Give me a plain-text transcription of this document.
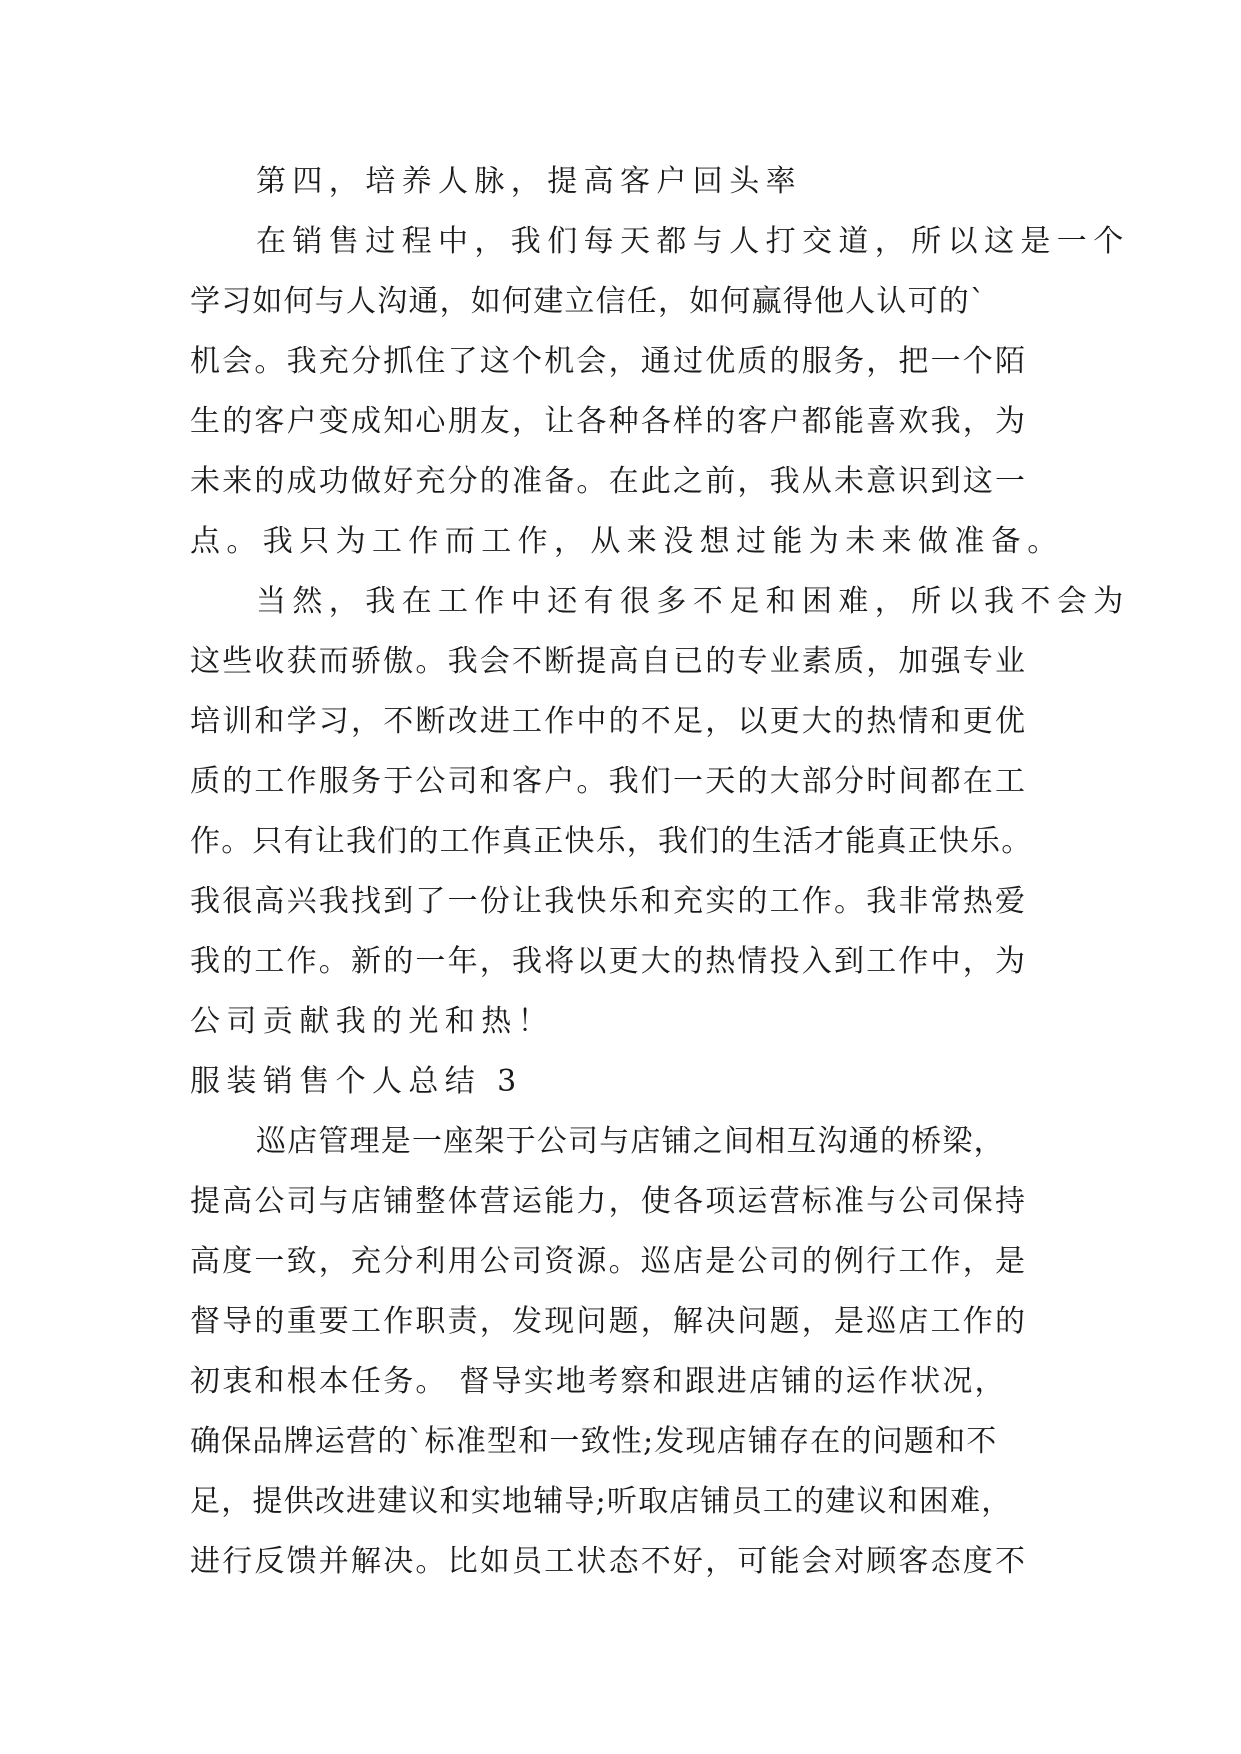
第四，培养人脉，提高客户回头率
在销售过程中，我们每天都与人打交道，所以这是一个
学习如何与人沟通，如何建立信任，如何赢得他人认可的`
机会。我充分抓住了这个机会，通过优质的服务，把一个陌
生的客户变成知心朋友，让各种各样的客户都能喜欢我，为
未来的成功做好充分的准备。在此之前，我从未意识到这一
点。我只为工作而工作，从来没想过能为未来做准备。
当然，我在工作中还有很多不足和困难，所以我不会为
这些收获而骄傲。我会不断提高自已的专业素质，加强专业
培训和学习，不断改进工作中的不足，以更大的热情和更优
质的工作服务于公司和客户。我们一天的大部分时间都在工
作。只有让我们的工作真正快乐，我们的生活才能真正快乐。
我很高兴我找到了一份让我快乐和充实的工作。我非常热爱
我的工作。新的一年，我将以更大的热情投入到工作中，为
公司贡献我的光和热！
服装销售个人总结 3
巡店管理是一座架于公司与店铺之间相互沟通的桥梁，
提高公司与店铺整体营运能力，使各项运营标准与公司保持
高度一致，充分利用公司资源。巡店是公司的例行工作，是
督导的重要工作职责，发现问题，解决问题，是巡店工作的
初衷和根本任务。 督导实地考察和跟进店铺的运作状况，
确保品牌运营的`标准型和一致性;发现店铺存在的问题和不
足，提供改进建议和实地辅导;听取店铺员工的建议和困难，
进行反馈并解决。比如员工状态不好，可能会对顾客态度不
